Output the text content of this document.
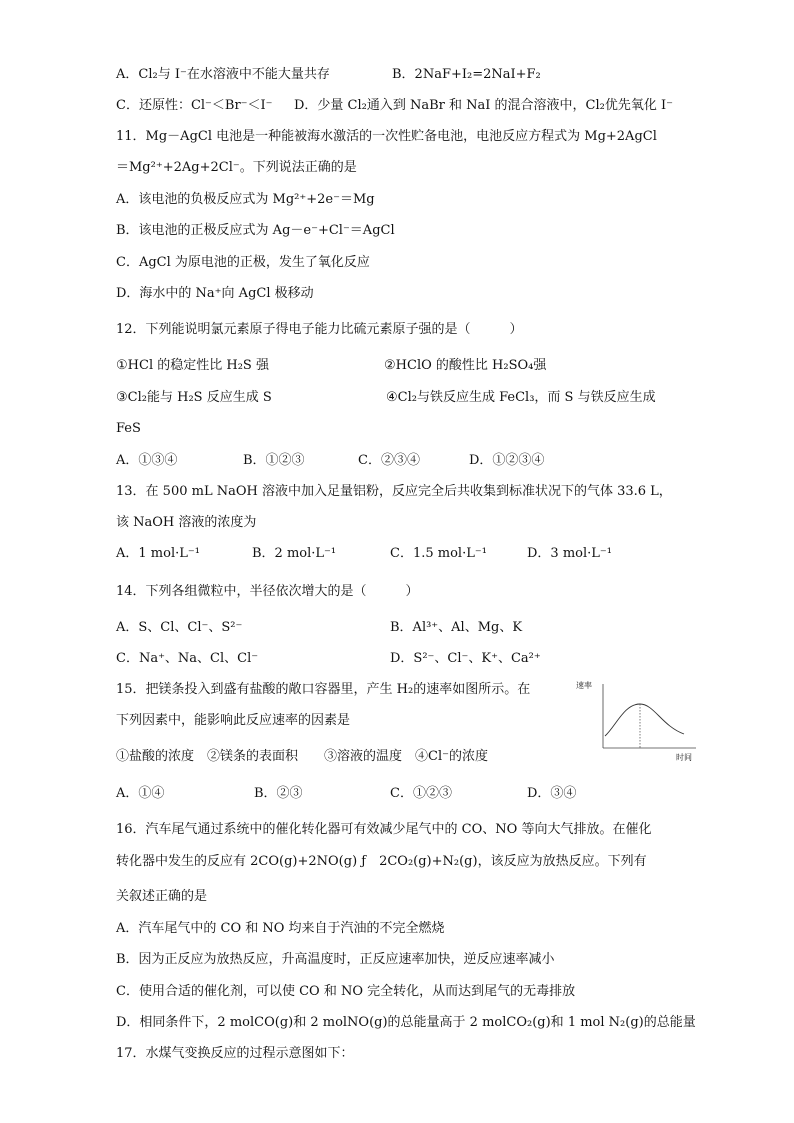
A．Cl₂与 I⁻在水溶液中不能大量共存	B．2NaF+I₂=2NaI+F₂
C．还原性：Cl⁻＜Br⁻＜I⁻ D．少量 Cl₂通入到 NaBr 和 NaI 的混合溶液中，Cl₂优先氧化 I⁻
11．Mg－AgCl 电池是一种能被海水激活的一次性贮备电池，电池反应方程式为 Mg+2AgCl
＝Mg²⁺+2Ag+2Cl⁻。下列说法正确的是
A．该电池的负极反应式为 Mg²⁺+2e⁻＝Mg
B．该电池的正极反应式为 Ag－e⁻+Cl⁻＝AgCl
C．AgCl 为原电池的正极，发生了氧化反应
D．海水中的 Na⁺向 AgCl 极移动
12．下列能说明氯元素原子得电子能力比硫元素原子强的是（　　　）
①HCl 的稳定性比 H₂S 强	②HClO 的酸性比 H₂SO₄强
③Cl₂能与 H₂S 反应生成 S	④Cl₂与铁反应生成 FeCl₃，而 S 与铁反应生成
FeS
A．①③④	B．①②③	C．②③④	D．①②③④
13．在 500 mL NaOH 溶液中加入足量铝粉，反应完全后共收集到标准状况下的气体 33.6 L，
该 NaOH 溶液的浓度为
A．1 mol·L⁻¹	B．2 mol·L⁻¹	C．1.5 mol·L⁻¹	D．3 mol·L⁻¹
14．下列各组微粒中，半径依次增大的是（　　　）
A．S、Cl、Cl⁻、S²⁻	B．Al³⁺、Al、Mg、K
C．Na⁺、Na、Cl、Cl⁻	D．S²⁻、Cl⁻、K⁺、Ca²⁺
15．把镁条投入到盛有盐酸的敞口容器里，产生 H₂的速率如图所示。在
下列因素中，能影响此反应速率的因素是
①盐酸的浓度　②镁条的表面积　　③溶液的温度　④Cl⁻的浓度
A．①④	B．②③	C．①②③	D．③④
速率
时间
16．汽车尾气通过系统中的催化转化器可有效减少尾气中的 CO、NO 等向大气排放。在催化
转化器中发生的反应有 2CO(g)+2NO(g) ƒ　2CO₂(g)+N₂(g)，该反应为放热反应。下列有
关叙述正确的是
A．汽车尾气中的 CO 和 NO 均来自于汽油的不完全燃烧
B．因为正反应为放热反应，升高温度时，正反应速率加快，逆反应速率减小
C．使用合适的催化剂，可以使 CO 和 NO 完全转化，从而达到尾气的无毒排放
D．相同条件下，2 molCO(g)和 2 molNO(g)的总能量高于 2 molCO₂(g)和 1 mol N₂(g)的总能量
17．水煤气变换反应的过程示意图如下：
